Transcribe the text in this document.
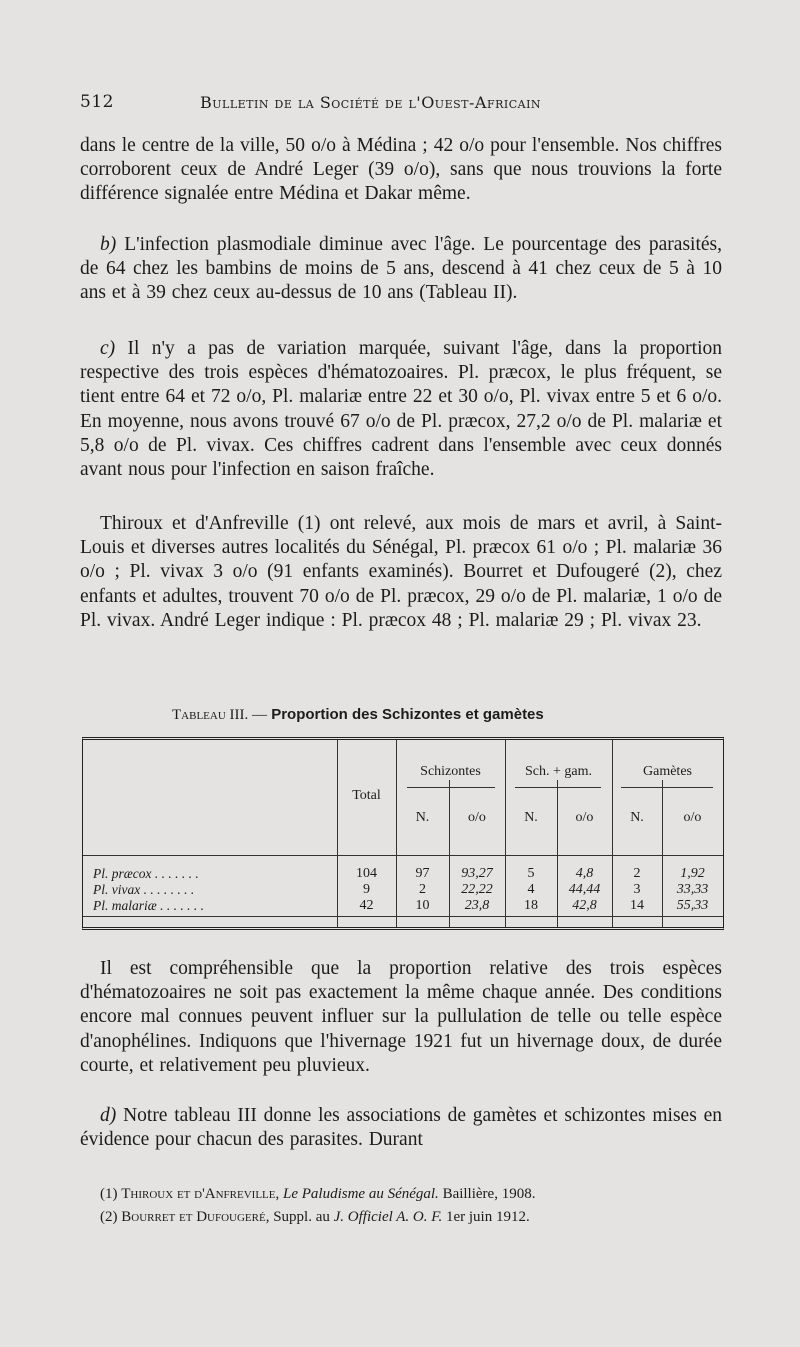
512	Bulletin de la Société de l'Ouest-Africain

dans le centre de la ville, 50 o/o à Médina ; 42 o/o pour l'ensemble. Nos chiffres corroborent ceux de André Leger (39 o/o), sans que nous trouvions la forte différence signalée entre Médina et Dakar même.

b) L'infection plasmodiale diminue avec l'âge. Le pourcentage des parasités, de 64 chez les bambins de moins de 5 ans, descend à 41 chez ceux de 5 à 10 ans et à 39 chez ceux au-dessus de 10 ans (Tableau II).

c) Il n'y a pas de variation marquée, suivant l'âge, dans la proportion respective des trois espèces d'hématozoaires. Pl. præcox, le plus fréquent, se tient entre 64 et 72 o/o, Pl. malariæ entre 22 et 30 o/o, Pl. vivax entre 5 et 6 o/o. En moyenne, nous avons trouvé 67 o/o de Pl. præcox, 27,2 o/o de Pl. malariæ et 5,8 o/o de Pl. vivax. Ces chiffres cadrent dans l'ensemble avec ceux donnés avant nous pour l'infection en saison fraîche.

Thiroux et d'Anfreville (1) ont relevé, aux mois de mars et avril, à Saint-Louis et diverses autres localités du Sénégal, Pl. præcox 61 o/o ; Pl. malariæ 36 o/o ; Pl. vivax 3 o/o (91 enfants examinés). Bourret et Dufougeré (2), chez enfants et adultes, trouvent 70 o/o de Pl. præcox, 29 o/o de Pl. malariæ, 1 o/o de Pl. vivax. André Leger indique : Pl. præcox 48 ; Pl. malariæ 29 ; Pl. vivax 23.

Tableau III. — Proportion des Schizontes et gamètes
Total
Schizontes	Sch. + gam.	Gamètes
N.	o/o	N.	o/o	N.	o/o
Pl. præcox . . . . . . .	104	97	93,27	5	4,8	2	1,92
Pl. vivax . . . . . . . .	9	2	22,22	4	44,44	3	33,33
Pl. malariæ . . . . . . .	42	10	23,8	18	42,8	14	55,33

Il est compréhensible que la proportion relative des trois espèces d'hématozoaires ne soit pas exactement la même chaque année. Des conditions encore mal connues peuvent influer sur la pullulation de telle ou telle espèce d'anophélines. Indiquons que l'hivernage 1921 fut un hivernage doux, de durée courte, et relativement peu pluvieux.

d) Notre tableau III donne les associations de gamètes et schizontes mises en évidence pour chacun des parasites. Durant

(1) Thiroux et d'Anfreville, Le Paludisme au Sénégal. Baillière, 1908.
(2) Bourret et Dufougeré, Suppl. au J. Officiel A. O. F. 1er juin 1912.
